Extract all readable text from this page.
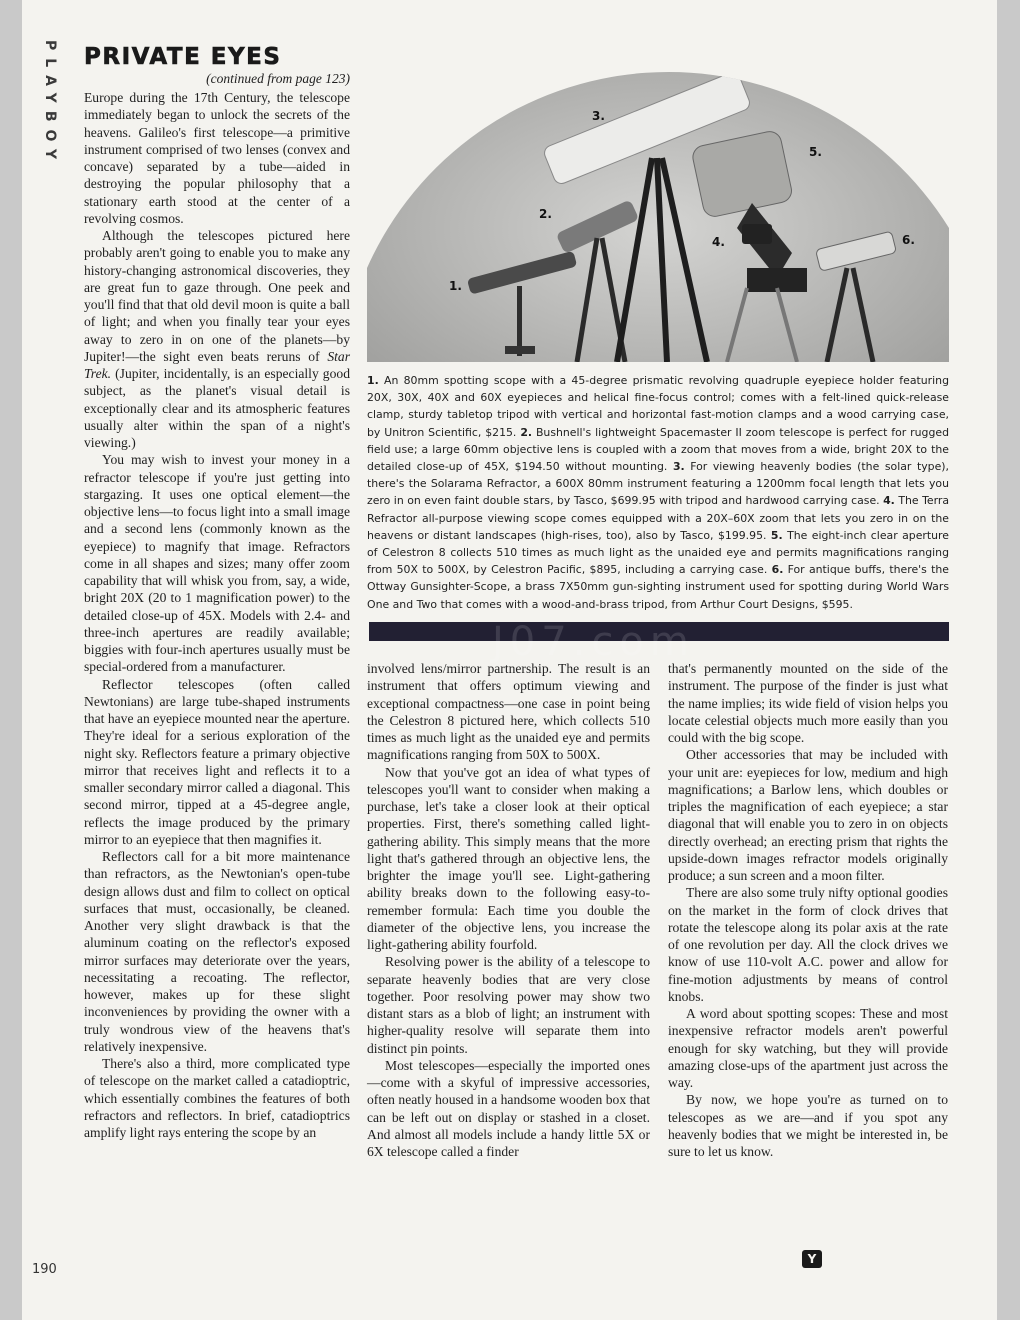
PLAYBOY PRIVATE EYES
(continued from page 123)

Europe during the 17th Century, the telescope immediately began to unlock the secrets of the heavens. Galileo's first telescope—a primitive instrument comprised of two lenses (convex and concave) separated by a tube—aided in destroying the popular philosophy that a stationary earth stood at the center of a revolving cosmos.

Although the telescopes pictured here probably aren't going to enable you to make any history-changing astronomical discoveries, they are great fun to gaze through. One peek and you'll find that that old devil moon is quite a ball of light; and when you finally tear your eyes away to zero in on one of the planets—by Jupiter!—the sight even beats reruns of Star Trek. (Jupiter, incidentally, is an especially good subject, as the planet's visual detail is exceptionally clear and its atmospheric features usually alter within the span of a night's viewing.)

You may wish to invest your money in a refractor telescope if you're just getting into stargazing. It uses one optical element—the objective lens—to focus light into a small image and a second lens (commonly known as the eyepiece) to magnify that image. Refractors come in all shapes and sizes; many offer zoom capability that will whisk you from, say, a wide, bright 20X (20 to 1 magnification power) to the detailed close-up of 45X. Models with 2.4- and three-inch apertures are readily available; biggies with four-inch apertures usually must be special-ordered from a manufacturer.

Reflector telescopes (often called Newtonians) are large tube-shaped instruments that have an eyepiece mounted near the aperture. They're ideal for a serious exploration of the night sky. Reflectors feature a primary objective mirror that receives light and reflects it to a smaller secondary mirror called a diagonal. This second mirror, tipped at a 45-degree angle, reflects the image produced by the primary mirror to an eyepiece that then magnifies it.

Reflectors call for a bit more maintenance than refractors, as the Newtonian's open-tube design allows dust and film to collect on optical surfaces that must, occasionally, be cleaned. Another very slight drawback is that the aluminum coating on the reflector's exposed mirror surfaces may deteriorate over the years, necessitating a recoating. The reflector, however, makes up for these slight inconveniences by providing the owner with a truly wondrous view of the heavens that's relatively inexpensive.

There's also a third, more complicated type of telescope on the market called a catadioptric, which essentially combines the features of both refractors and reflectors. In brief, catadioptrics amplify light rays entering the scope by an

1.
2.
3.
4.
5.
6.
1. An 80mm spotting scope with a 45-degree prismatic revolving quadruple eyepiece holder featuring 20X, 30X, 40X and 60X eyepieces and helical fine-focus control; comes with a felt-lined quick-release clamp, sturdy tabletop tripod with vertical and horizontal fast-motion clamps and a wood carrying case, by Unitron Scientific, $215. 2. Bushnell's lightweight Spacemaster II zoom telescope is perfect for rugged field use; a large 60mm objective lens is coupled with a zoom that moves from a wide, bright 20X to the detailed close-up of 45X, $194.50 without mounting. 3. For viewing heavenly bodies (the solar type), there's the Solarama Refractor, a 600X 80mm instrument featuring a 1200mm focal length that lets you zero in on even faint double stars, by Tasco, $699.95 with tripod and hardwood carrying case. 4. The Terra Refractor all-purpose viewing scope comes equipped with a 20X–60X zoom that lets you zero in on the heavens or distant landscapes (high-rises, too), also by Tasco, $199.95. 5. The eight-inch clear aperture of Celestron 8 collects 510 times as much light as the unaided eye and permits magnifications ranging from 50X to 500X, by Celestron Pacific, $895, including a carrying case. 6. For antique buffs, there's the Ottway Gunsighter-Scope, a brass 7X50mm gun-sighting instrument used for spotting during World Wars One and Two that comes with a wood-and-brass tripod, from Arthur Court Designs, $595.
J07.com

involved lens/mirror partnership. The result is an instrument that offers optimum viewing and exceptional compactness—one case in point being the Celestron 8 pictured here, which collects 510 times as much light as the unaided eye and permits magnifications ranging from 50X to 500X.

Now that you've got an idea of what types of telescopes you'll want to consider when making a purchase, let's take a closer look at their optical properties. First, there's something called light-gathering ability. This simply means that the more light that's gathered through an objective lens, the brighter the image you'll see. Light-gathering ability breaks down to the following easy-to-remember formula: Each time you double the diameter of the objective lens, you increase the light-gathering ability fourfold.

Resolving power is the ability of a telescope to separate heavenly bodies that are very close together. Poor resolving power may show two distant stars as a blob of light; an instrument with higher-quality resolve will separate them into distinct pin points.

Most telescopes—especially the imported ones—come with a skyful of impressive accessories, often neatly housed in a handsome wooden box that can be left out on display or stashed in a closet. And almost all models include a handy little 5X or 6X telescope called a finder

that's permanently mounted on the side of the instrument. The purpose of the finder is just what the name implies; its wide field of vision helps you locate celestial objects much more easily than you could with the big scope.

Other accessories that may be included with your unit are: eyepieces for low, medium and high magnifications; a Barlow lens, which doubles or triples the magnification of each eyepiece; a star diagonal that will enable you to zero in on objects directly overhead; an erecting prism that rights the upside-down images refractor models originally produce; a sun screen and a moon filter.

There are also some truly nifty optional goodies on the market in the form of clock drives that rotate the telescope along its polar axis at the rate of one revolution per day. All the clock drives we know of use 110-volt A.C. power and allow for fine-motion adjustments by means of control knobs.

A word about spotting scopes: These and most inexpensive refractor models aren't powerful enough for sky watching, but they will provide amazing close-ups of the apartment just across the way.

By now, we hope you're as turned on to telescopes as we are—and if you spot any heavenly bodies that we might be interested in, be sure to let us know.

Y
190
